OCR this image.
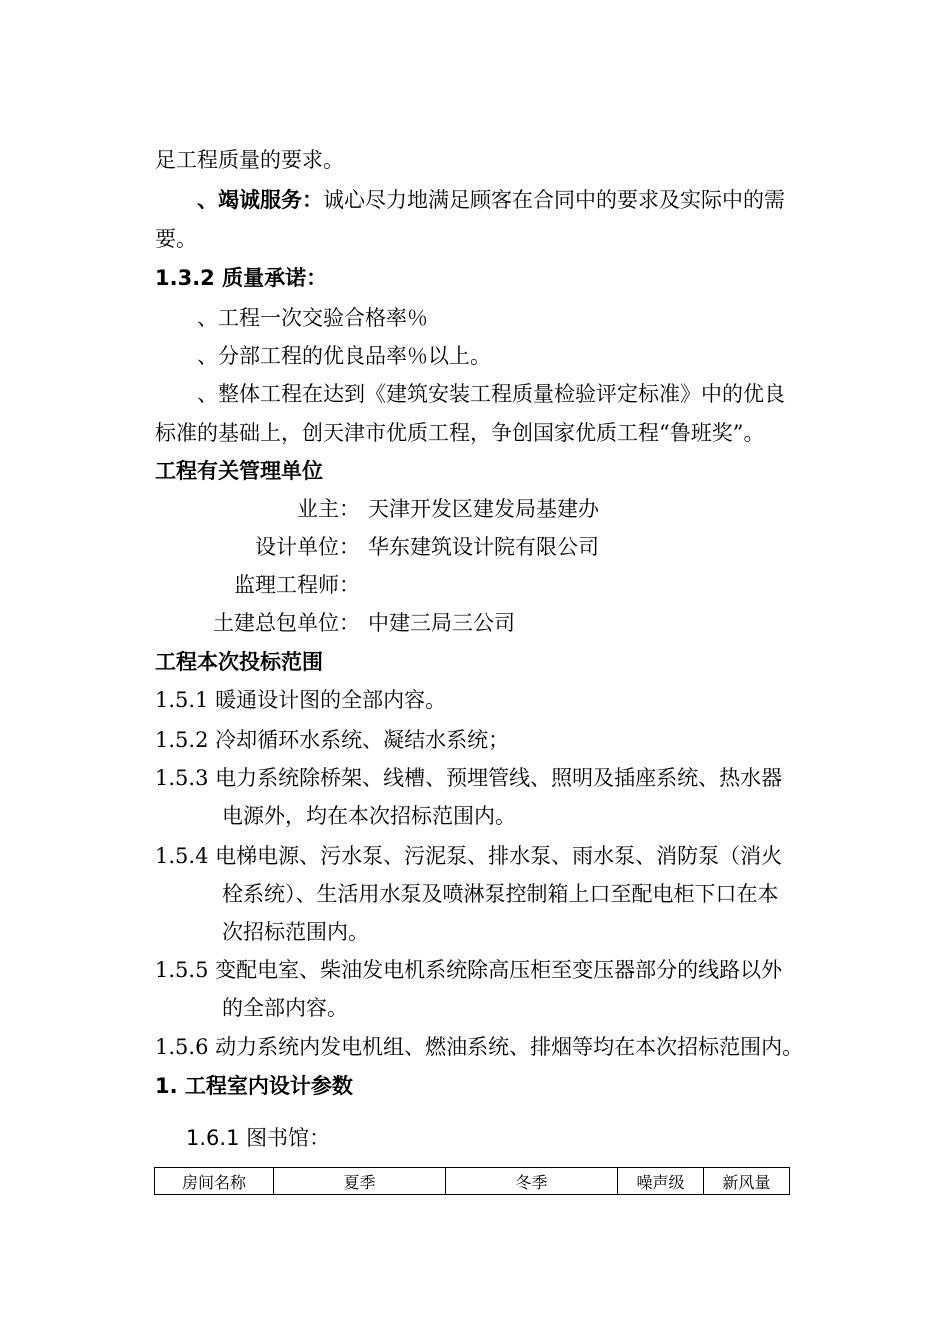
足工程质量的要求。
、竭诚服务：诚心尽力地满足顾客在合同中的要求及实际中的需
要。
1.3.2 质量承诺：
、工程一次交验合格率％
、分部工程的优良品率％以上。
、整体工程在达到《建筑安装工程质量检验评定标准》中的优良
标准的基础上，创天津市优质工程，争创国家优质工程“鲁班奖”。
工程有关管理单位
业主： 天津开发区建发局基建办
设计单位： 华东建筑设计院有限公司
监理工程师：
土建总包单位： 中建三局三公司
工程本次投标范围
1.5.1 暖通设计图的全部内容。
1.5.2 冷却循环水系统、凝结水系统；
1.5.3 电力系统除桥架、线槽、预埋管线、照明及插座系统、热水器
电源外，均在本次招标范围内。
1.5.4 电梯电源、污水泵、污泥泵、排水泵、雨水泵、消防泵（消火
栓系统）、生活用水泵及喷淋泵控制箱上口至配电柜下口在本
次招标范围内。
1.5.5 变配电室、柴油发电机系统除高压柜至变压器部分的线路以外
的全部内容。
1.5.6 动力系统内发电机组、燃油系统、排烟等均在本次招标范围内。
1. 工程室内设计参数
1.6.1 图书馆：
房间名称	夏季	冬季	噪声级	新风量
